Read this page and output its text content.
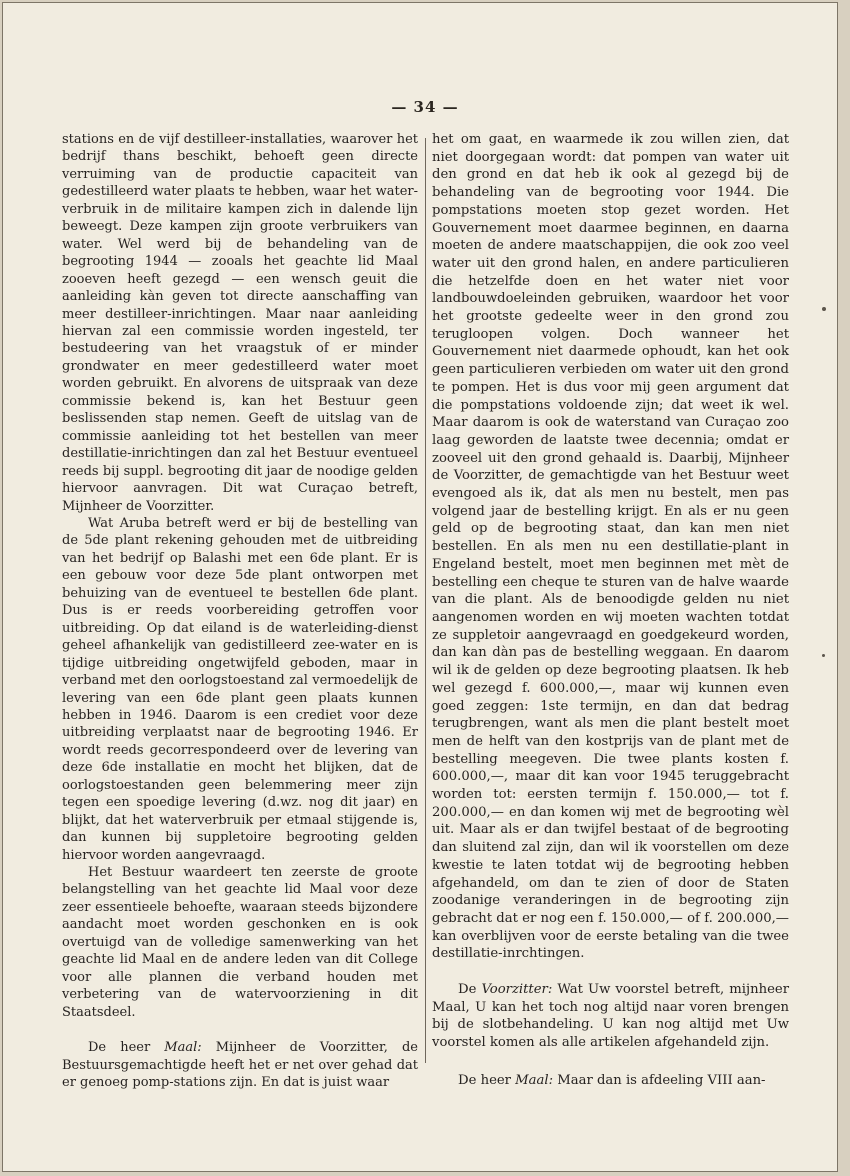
— 34 —

stations en de vijf destilleer-installaties, waarover het bedrijf thans beschikt, behoeft geen directe verruiming van de productie capaciteit van gedestilleerd water plaats te hebben, waar het water-verbruik in de militaire kampen zich in dalende lijn beweegt. Deze kampen zijn groote verbruikers van water. Wel werd bij de behandeling van de begrooting 1944 — zooals het geachte lid Maal zooeven heeft gezegd — een wensch geuit die aanleiding kàn geven tot directe aanschaffing van meer destilleer-inrichtingen. Maar naar aanleiding hiervan zal een commissie worden ingesteld, ter bestudeering van het vraagstuk of er minder grondwater en meer gedestilleerd water moet worden gebruikt. En alvorens de uitspraak van deze commissie bekend is, kan het Bestuur geen beslissenden stap nemen. Geeft de uitslag van de commissie aanleiding tot het bestellen van meer destillatie-inrichtingen dan zal het Bestuur eventueel reeds bij suppl. begrooting dit jaar de noodige gelden hiervoor aanvragen. Dit wat Curaçao betreft, Mijnheer de Voorzitter.

Wat Aruba betreft werd er bij de bestelling van de 5de plant rekening gehouden met de uitbreiding van het bedrijf op Balashi met een 6de plant. Er is een gebouw voor deze 5de plant ontworpen met behuizing van de eventueel te bestellen 6de plant. Dus is er reeds voorbereiding getroffen voor uitbreiding. Op dat eiland is de waterleiding-dienst geheel afhankelijk van gedistilleerd zee-water en is tijdige uitbreiding ongetwijfeld geboden, maar in verband met den oorlogstoestand zal vermoedelijk de levering van een 6de plant geen plaats kunnen hebben in 1946. Daarom is een crediet voor deze uitbreiding verplaatst naar de begrooting 1946. Er wordt reeds gecorrespondeerd over de levering van deze 6de installatie en mocht het blijken, dat de oorlogstoestanden geen belemmering meer zijn tegen een spoedige levering (d.wz. nog dit jaar) en blijkt, dat het waterverbruik per etmaal stijgende is, dan kunnen bij suppletoire begrooting gelden hiervoor worden aangevraagd.

Het Bestuur waardeert ten zeerste de groote belangstelling van het geachte lid Maal voor deze zeer essentieele behoefte, waaraan steeds bijzondere aandacht moet worden geschonken en is ook overtuigd van de volledige samenwerking van het geachte lid Maal en de andere leden van dit College voor alle plannen die verband houden met verbetering van de watervoorziening in dit Staatsdeel.

De heer Maal: Mijnheer de Voorzitter, de Bestuursgemachtigde heeft het er net over gehad dat er genoeg pomp-stations zijn. En dat is juist waar

het om gaat, en waarmede ik zou willen zien, dat niet doorgegaan wordt: dat pompen van water uit den grond en dat heb ik ook al gezegd bij de behandeling van de begrooting voor 1944. Die pompstations moeten stop gezet worden. Het Gouvernement moet daarmee beginnen, en daarna moeten de andere maatschappijen, die ook zoo veel water uit den grond halen, en andere particulieren die hetzelfde doen en het water niet voor landbouwdoeleinden gebruiken, waardoor het voor het grootste gedeelte weer in den grond zou terugloopen volgen. Doch wanneer het Gouvernement niet daarmede ophoudt, kan het ook geen particulieren verbieden om water uit den grond te pompen. Het is dus voor mij geen argument dat die pompstations voldoende zijn; dat weet ik wel. Maar daarom is ook de waterstand van Curaçao zoo laag geworden de laatste twee decennia; omdat er zooveel uit den grond gehaald is. Daarbij, Mijnheer de Voorzitter, de gemachtigde van het Bestuur weet evengoed als ik, dat als men nu bestelt, men pas volgend jaar de bestelling krijgt. En als er nu geen geld op de begrooting staat, dan kan men niet bestellen. En als men nu een destillatie-plant in Engeland bestelt, moet men beginnen met mèt de bestelling een cheque te sturen van de halve waarde van die plant. Als de benoodigde gelden nu niet aangenomen worden en wij moeten wachten totdat ze suppletoir aangevraagd en goedgekeurd worden, dan kan dàn pas de bestelling weggaan. En daarom wil ik de gelden op deze begrooting plaatsen. Ik heb wel gezegd f. 600.000,—, maar wij kunnen even goed zeggen: 1ste termijn, en dan dat bedrag terugbrengen, want als men die plant bestelt moet men de helft van den kostprijs van de plant met de bestelling meegeven. Die twee plants kosten f. 600.000,—, maar dit kan voor 1945 teruggebracht worden tot: eersten termijn f. 150.000,— tot f. 200.000,— en dan komen wij met de begrooting wèl uit. Maar als er dan twijfel bestaat of de begrooting dan sluitend zal zijn, dan wil ik voorstellen om deze kwestie te laten totdat wij de begrooting hebben afgehandeld, om dan te zien of door de Staten zoodanige veranderingen in de begrooting zijn gebracht dat er nog een f. 150.000,— of f. 200.000,— kan overblijven voor de eerste betaling van die twee destillatie-inrchtingen.

De Voorzitter: Wat Uw voorstel betreft, mijnheer Maal, U kan het toch nog altijd naar voren brengen bij de slotbehandeling. U kan nog altijd met Uw voorstel komen als alle artikelen afgehandeld zijn.

De heer Maal: Maar dan is afdeeling VIII aan-
